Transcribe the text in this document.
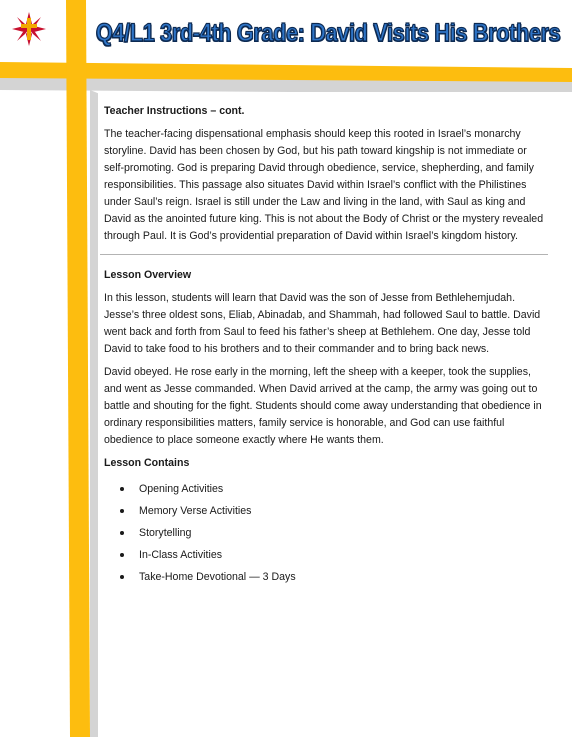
Q4/L1 3rd-4th Grade: David Visits His Brothers
Teacher Instructions – cont.

The teacher-facing dispensational emphasis should keep this rooted in Israel’s monarchy storyline. David has been chosen by God, but his path toward kingship is not immediate or self-promoting. God is preparing David through obedience, service, shepherding, and family responsibilities. This passage also situates David within Israel’s conflict with the Philistines under Saul’s reign. Israel is still under the Law and living in the land, with Saul as king and David as the anointed future king. This is not about the Body of Christ or the mystery revealed through Paul. It is God’s providential preparation of David within Israel’s kingdom history.

Lesson Overview

In this lesson, students will learn that David was the son of Jesse from Bethlehemjudah. Jesse’s three oldest sons, Eliab, Abinadab, and Shammah, had followed Saul to battle. David went back and forth from Saul to feed his father’s sheep at Bethlehem. One day, Jesse told David to take food to his brothers and to their commander and to bring back news.

David obeyed. He rose early in the morning, left the sheep with a keeper, took the supplies, and went as Jesse commanded. When David arrived at the camp, the army was going out to battle and shouting for the fight. Students should come away understanding that obedience in ordinary responsibilities matters, family service is honorable, and God can use faithful obedience to place someone exactly where He wants them.

Lesson Contains
Opening Activities
Memory Verse Activities
Storytelling
In-Class Activities
Take-Home Devotional — 3 Days
